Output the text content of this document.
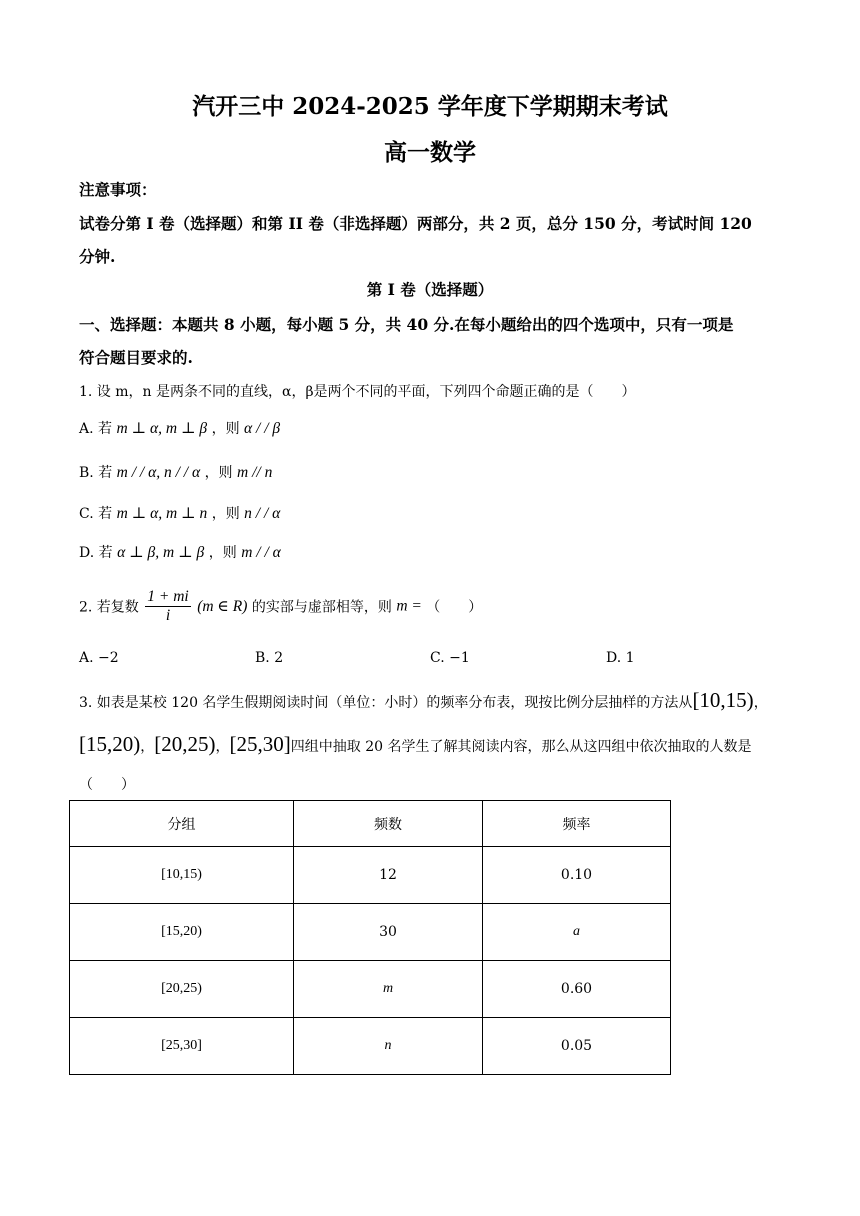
汽开三中 2024-2025 学年度下学期期末考试
高一数学
注意事项：
试卷分第 I 卷（选择题）和第 II 卷（非选择题）两部分，共 2 页，总分 150 分，考试时间 120
分钟.
第 I 卷（选择题）
一、选择题：本题共 8 小题，每小题 5 分，共 40 分.在每小题给出的四个选项中，只有一项是
符合题目要求的.
1. 设 m，n 是两条不同的直线，α，β是两个不同的平面，下列四个命题正确的是（　　）
A. 若 m ⊥ α, m ⊥ β ，则 α / / β
B. 若 m / / α, n / / α ，则 m // n
C. 若 m ⊥ α, m ⊥ n ，则 n / / α
D. 若 α ⊥ β, m ⊥ β ，则 m / / α
2. 若复数 $\frac{1 + mi}{i} (m$ ∈ R) 的实部与虚部相等，则 m = （　　）
A. −2	B. 2	C. −1	D. 1
3. 如表是某校 120 名学生假期阅读时间（单位：小时）的频率分布表，现按比例分层抽样的方法从[10,15)，
[15,20)，[20,25)，[25,30]四组中抽取 20 名学生了解其阅读内容，那么从这四组中依次抽取的人数是
（　　）
分组	频数	频率
[10,15)	12	0.10
[15,20)	30	a
[20,25)	m	0.60
[25,30]	n	0.05
